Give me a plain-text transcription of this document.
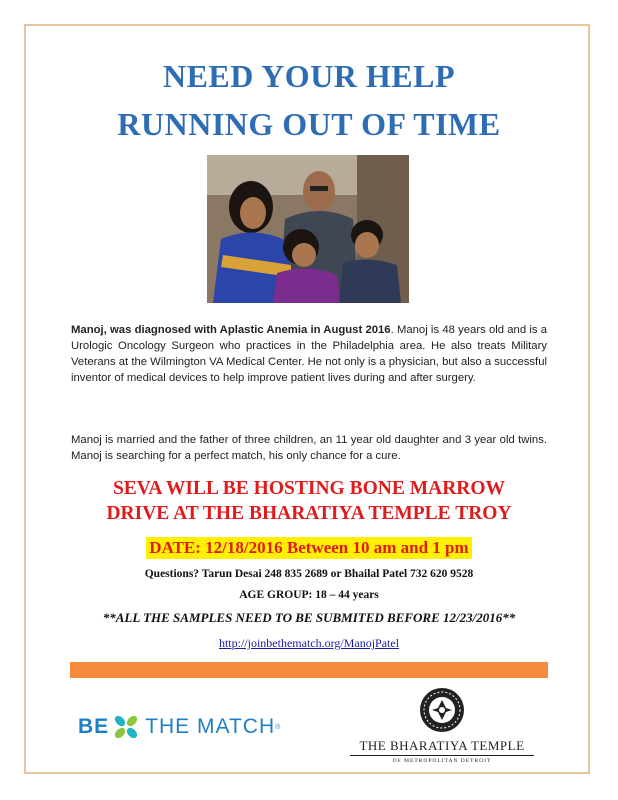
NEED YOUR HELP
RUNNING OUT OF TIME

Manoj, was diagnosed with Aplastic Anemia in August 2016. Manoj is 48 years old and is a Urologic Oncology Surgeon who practices in the Philadelphia area. He also treats Military Veterans at the Wilmington VA Medical Center. He not only is a physician, but also a successful inventor of medical devices to help improve patient lives during and after surgery.

Manoj is married and the father of three children, an 11 year old daughter and 3 year old twins. Manoj is searching for a perfect match, his only chance for a cure.

SEVA WILL BE HOSTING BONE MARROW
DRIVE AT THE BHARATIYA TEMPLE TROY
DATE: 12/18/2016 Between 10 am and 1 pm
Questions? Tarun Desai 248 835 2689 or Bhailal Patel 732 620 9528
AGE GROUP: 18 – 44 years
**ALL THE SAMPLES NEED TO BE SUBMITED BEFORE 12/23/2016**
http://joinbethematch.org/ManojPatel
BE THE MATCH ®
THE BHARATIYA TEMPLE
OF METROPOLITAN DETROIT
